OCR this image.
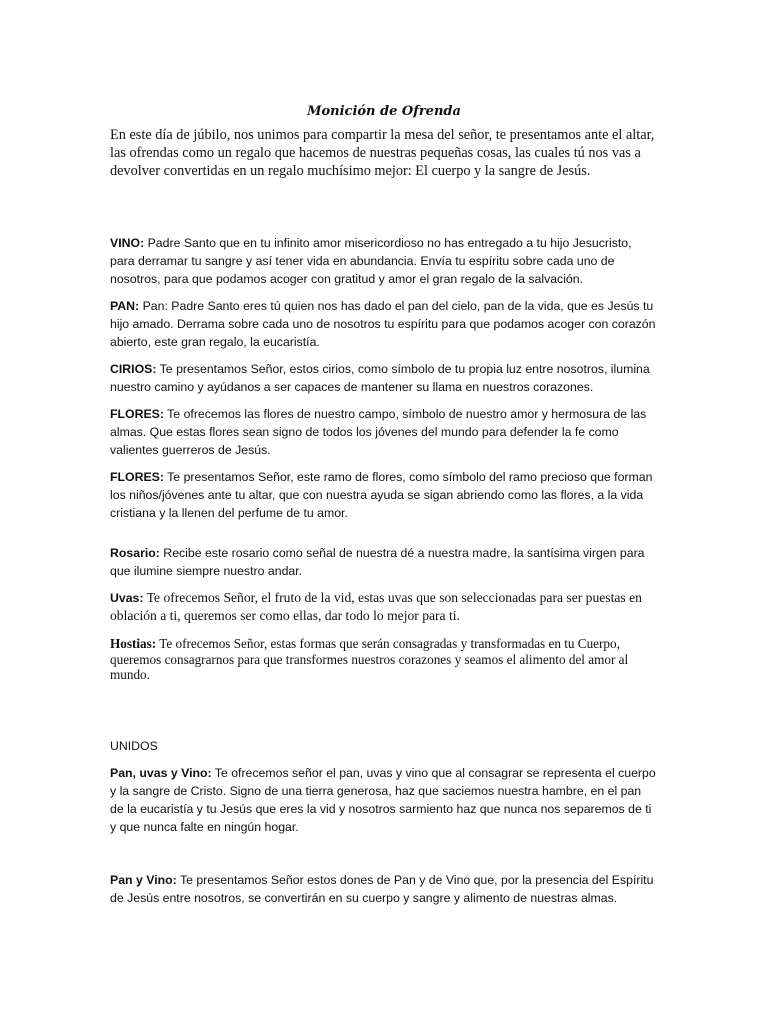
Monición de Ofrenda

En este día de júbilo, nos unimos para compartir la mesa del señor, te presentamos ante el altar, las ofrendas como un regalo que hacemos de nuestras pequeñas cosas, las cuales tú nos vas a devolver convertidas en un regalo muchísimo mejor: El cuerpo y la sangre de Jesús.

VINO: Padre Santo que en tu infinito amor misericordioso no has entregado a tu hijo Jesucristo, para derramar tu sangre y así tener vida en abundancia. Envía tu espíritu sobre cada uno de nosotros, para que podamos acoger con gratitud y amor el gran regalo de la salvación.

PAN: Pan: Padre Santo eres tú quien nos has dado el pan del cielo, pan de la vida, que es Jesús tu hijo amado. Derrama sobre cada uno de nosotros tu espíritu para que podamos acoger con corazón abierto, este gran regalo, la eucaristía.

CIRIOS: Te presentamos Señor, estos cirios, como símbolo de tu propia luz entre nosotros, ilumina nuestro camino y ayúdanos a ser capaces de mantener su llama en nuestros corazones.

FLORES: Te ofrecemos las flores de nuestro campo, símbolo de nuestro amor y hermosura de las almas. Que estas flores sean signo de todos los jóvenes del mundo para defender la fe como valientes guerreros de Jesús.

FLORES: Te presentamos Señor, este ramo de flores, como símbolo del ramo precioso que forman los niños/jóvenes ante tu altar, que con nuestra ayuda se sigan abriendo como las flores, a la vida cristiana y la llenen del perfume de tu amor.

Rosario: Recibe este rosario como señal de nuestra dé a nuestra madre, la santísima virgen para que ilumine siempre nuestro andar.

Uvas: Te ofrecemos Señor, el fruto de la vid, estas uvas que son seleccionadas para ser puestas en oblación a ti, queremos ser como ellas, dar todo lo mejor para ti.

Hostias: Te ofrecemos Señor, estas formas que serán consagradas y transformadas en tu Cuerpo, queremos consagrarnos para que transformes nuestros corazones y seamos el alimento del amor al mundo.

UNIDOS

Pan, uvas y Vino: Te ofrecemos señor el pan, uvas y vino que al consagrar se representa el cuerpo y la sangre de Cristo. Signo de una tierra generosa, haz que saciemos nuestra hambre, en el pan de la eucaristía y tu Jesús que eres la vid y nosotros sarmiento haz que nunca nos separemos de ti y que nunca falte en ningún hogar.

Pan y Vino: Te presentamos Señor estos dones de Pan y de Vino que, por la presencia del Espíritu de Jesús entre nosotros, se convertirán en su cuerpo y sangre y alimento de nuestras almas.
